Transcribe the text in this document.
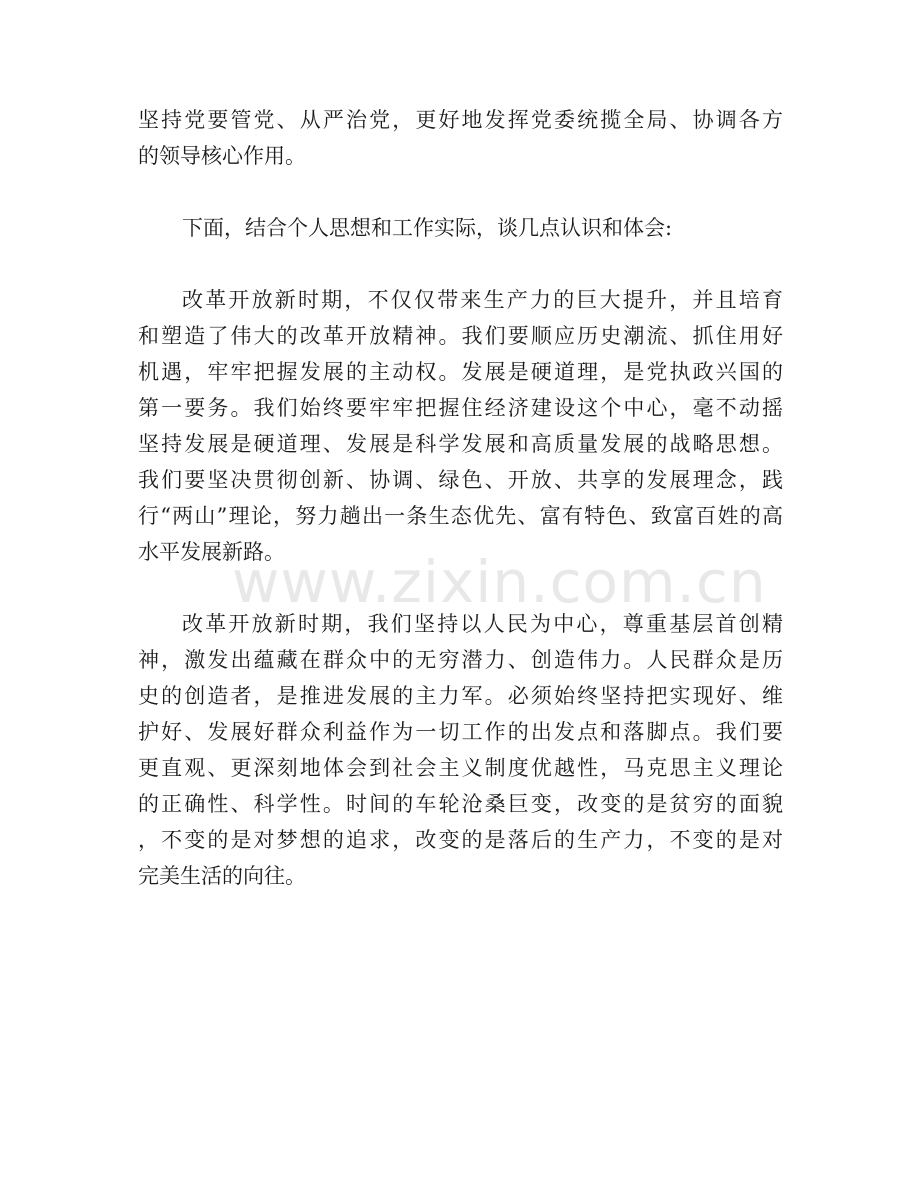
坚持党要管党、从严治党，更好地发挥党委统揽全局、协调各方
的领导核心作用。
下面，结合个人思想和工作实际，谈几点认识和体会:
改革开放新时期，不仅仅带来生产力的巨大提升，并且培育
和塑造了伟大的改革开放精神。我们要顺应历史潮流、抓住用好
机遇，牢牢把握发展的主动权。发展是硬道理，是党执政兴国的
第一要务。我们始终要牢牢把握住经济建设这个中心，毫不动摇
坚持发展是硬道理、发展是科学发展和高质量发展的战略思想。
我们要坚决贯彻创新、协调、绿色、开放、共享的发展理念，践
行“两山”理论，努力趟出一条生态优先、富有特色、致富百姓的高
水平发展新路。
改革开放新时期，我们坚持以人民为中心，尊重基层首创精
神，激发出蕴藏在群众中的无穷潜力、创造伟力。人民群众是历
史的创造者，是推进发展的主力军。必须始终坚持把实现好、维
护好、发展好群众利益作为一切工作的出发点和落脚点。我们要
更直观、更深刻地体会到社会主义制度优越性，马克思主义理论
的正确性、科学性。时间的车轮沧桑巨变，改变的是贫穷的面貌
，不变的是对梦想的追求，改变的是落后的生产力，不变的是对
完美生活的向往。
www.zixin.com.cn
